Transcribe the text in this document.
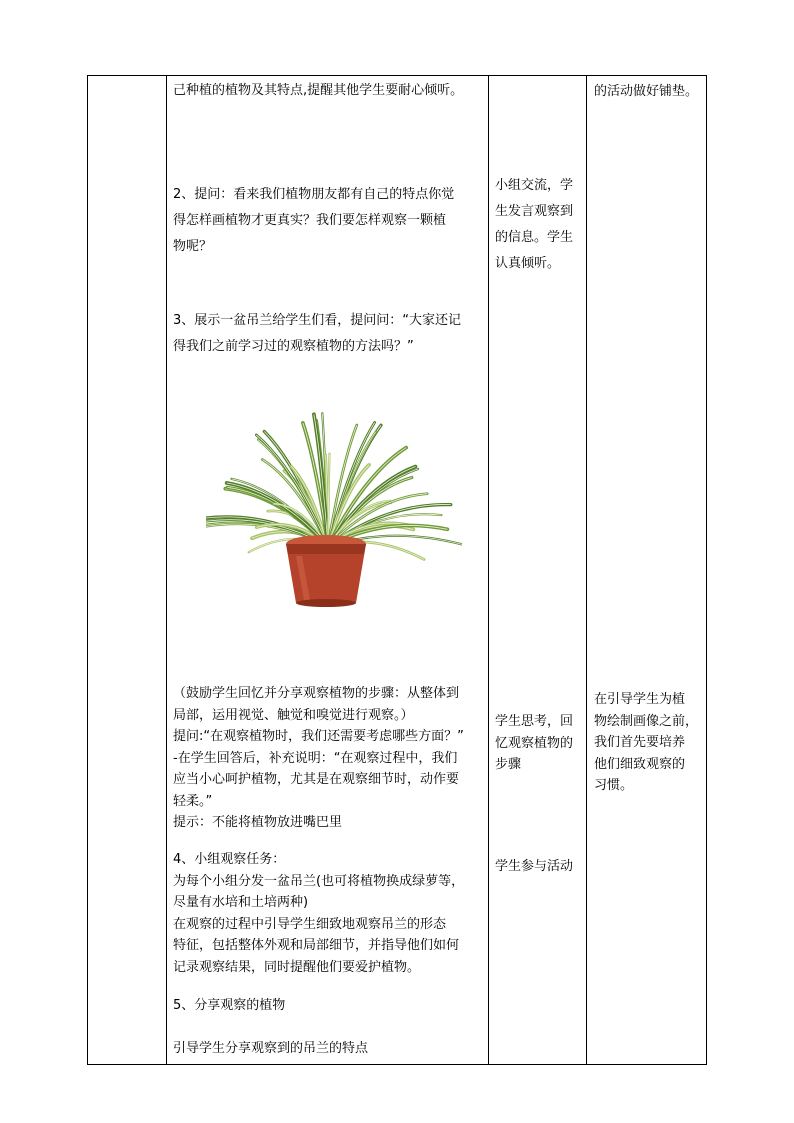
己种植的植物及其特点,提醒其他学生要耐心倾听。

2、提问：看来我们植物朋友都有自己的特点你觉

得怎样画植物才更真实？我们要怎样观察一颗植

物呢？

3、展示一盆吊兰给学生们看，提问问：“大家还记

得我们之前学习过的观察植物的方法吗？”

（鼓励学生回忆并分享观察植物的步骤：从整体到

局部，运用视觉、触觉和嗅觉进行观察。）

提问:“在观察植物时，我们还需要考虑哪些方面？”

-在学生回答后，补充说明：“在观察过程中，我们

应当小心呵护植物，尤其是在观察细节时，动作要

轻柔。”

提示：不能将植物放进嘴巴里

4、小组观察任务：

为每个小组分发一盆吊兰(也可将植物换成绿萝等，

尽量有水培和土培两种)

在观察的过程中引导学生细致地观察吊兰的形态

特征，包括整体外观和局部细节，并指导他们如何

记录观察结果，同时提醒他们要爱护植物。

5、分享观察的植物
引导学生分享观察到的吊兰的特点

小组交流，学

生发言观察到

的信息。学生

认真倾听。

学生思考，回

忆观察植物的

步骤

学生参与活动
的活动做好铺垫。

在引导学生为植

物绘制画像之前，

我们首先要培养

他们细致观察的

习惯。
